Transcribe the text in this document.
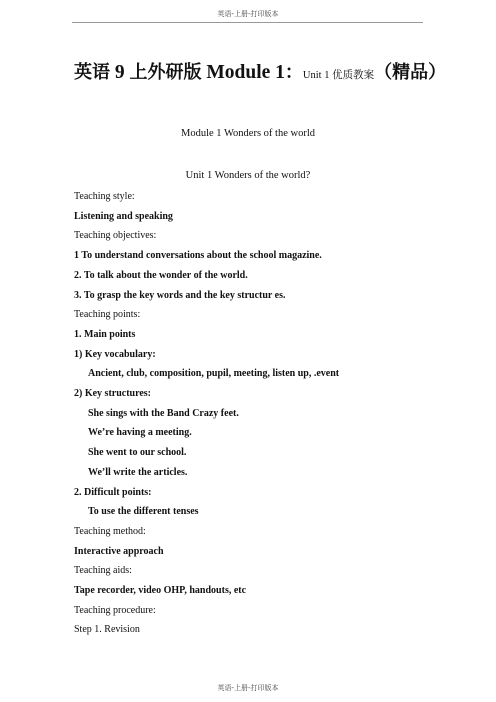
英语-上册-打印版本
英语 9 上外研版 Module 1：Unit 1 优质教案（精品）
Module 1 Wonders of the world
Unit 1 Wonders of the world?
Teaching style:
Listening and speaking
Teaching objectives:
1 To understand conversations about the school magazine.
2. To talk about the wonder of the world.
3. To grasp the key words and the key structur es.
Teaching points:
1. Main points
1) Key vocabulary:
Ancient, club, composition, pupil, meeting, listen up, .event
2) Key structures:
She sings with the Band Crazy feet.
We’re having a meeting.
She went to our school.
We’ll write the articles.
2. Difficult points:
To use the different tenses
Teaching method:
Interactive approach
Teaching aids:
Tape recorder, video OHP, handouts, etc
Teaching procedure:
Step 1. Revision
英语-上册-打印版本
